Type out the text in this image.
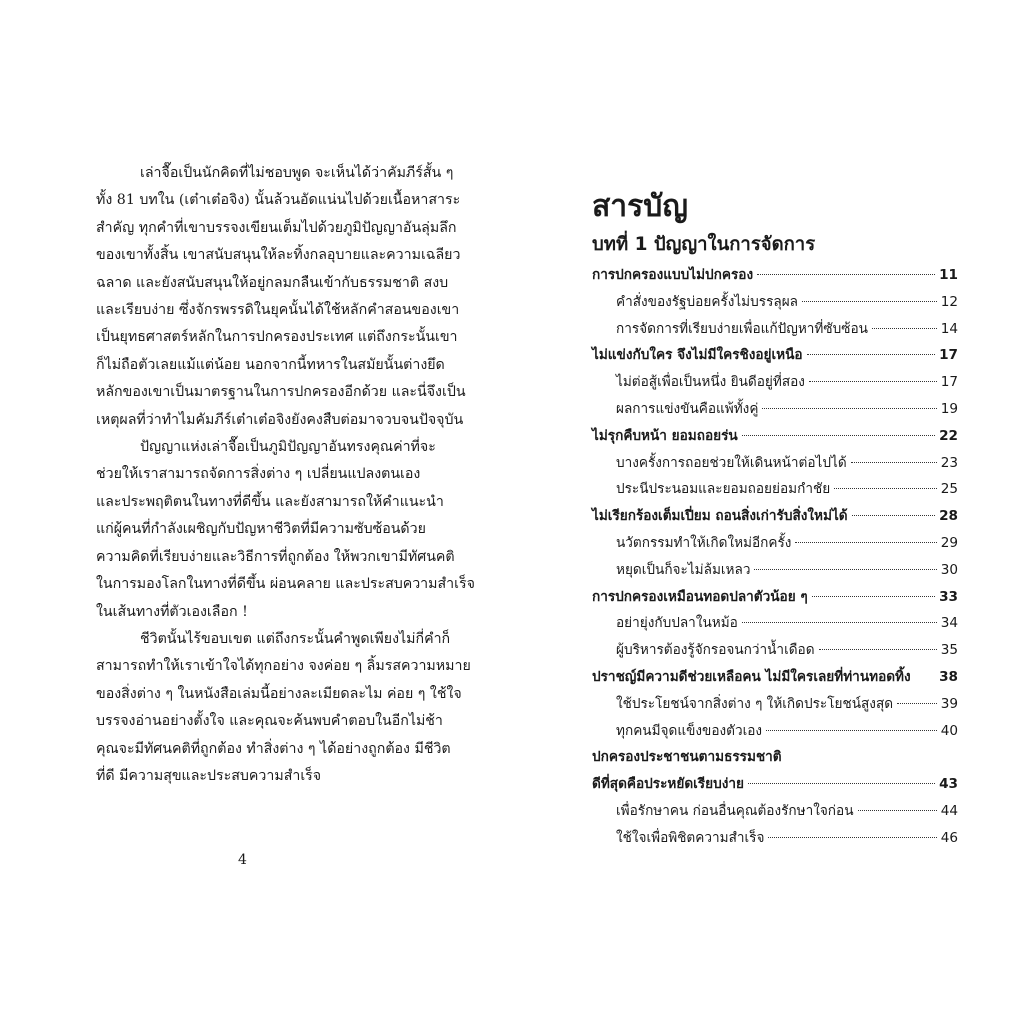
เล่าจื๊อเป็นนักคิดที่ไม่ชอบพูด จะเห็นได้ว่าคัมภีร์สั้น ๆ
ทั้ง 81 บทใน (เต๋าเต๋อจิง) นั้นล้วนอัดแน่นไปด้วยเนื้อหาสาระ
สำคัญ ทุกคำที่เขาบรรจงเขียนเต็มไปด้วยภูมิปัญญาอันลุ่มลึก
ของเขาทั้งสิ้น เขาสนับสนุนให้ละทิ้งกลอุบายและความเฉลียว
ฉลาด และยังสนับสนุนให้อยู่กลมกลืนเข้ากับธรรมชาติ สงบ
และเรียบง่าย ซึ่งจักรพรรดิในยุคนั้นได้ใช้หลักคำสอนของเขา
เป็นยุทธศาสตร์หลักในการปกครองประเทศ แต่ถึงกระนั้นเขา
ก็ไม่ถือตัวเลยแม้แต่น้อย นอกจากนี้ทหารในสมัยนั้นต่างยึด
หลักของเขาเป็นมาตรฐานในการปกครองอีกด้วย และนี่จึงเป็น
เหตุผลที่ว่าทำไมคัมภีร์เต๋าเต๋อจิงยังคงสืบต่อมาจวบจนปัจจุบัน
ปัญญาแห่งเล่าจื๊อเป็นภูมิปัญญาอันทรงคุณค่าที่จะ
ช่วยให้เราสามารถจัดการสิ่งต่าง ๆ เปลี่ยนแปลงตนเอง
และประพฤติตนในทางที่ดีขึ้น และยังสามารถให้คำแนะนำ
แก่ผู้คนที่กำลังเผชิญกับปัญหาชีวิตที่มีความซับซ้อนด้วย
ความคิดที่เรียบง่ายและวิธีการที่ถูกต้อง ให้พวกเขามีทัศนคติ
ในการมองโลกในทางที่ดีขึ้น ผ่อนคลาย และประสบความสำเร็จ
ในเส้นทางที่ตัวเองเลือก !
ชีวิตนั้นไร้ขอบเขต แต่ถึงกระนั้นคำพูดเพียงไม่กี่คำก็
สามารถทำให้เราเข้าใจได้ทุกอย่าง จงค่อย ๆ ลิ้มรสความหมาย
ของสิ่งต่าง ๆ ในหนังสือเล่มนี้อย่างละเมียดละไม ค่อย ๆ ใช้ใจ
บรรจงอ่านอย่างตั้งใจ และคุณจะค้นพบคำตอบในอีกไม่ช้า
คุณจะมีทัศนคติที่ถูกต้อง ทำสิ่งต่าง ๆ ได้อย่างถูกต้อง มีชีวิต
ที่ดี มีความสุขและประสบความสำเร็จ
4
สารบัญ
บทที่ 1 ปัญญาในการจัดการ
การปกครองแบบไม่ปกครอง	11
คำสั่งของรัฐบ่อยครั้งไม่บรรลุผล	12
การจัดการที่เรียบง่ายเพื่อแก้ปัญหาที่ซับซ้อน	14
ไม่แข่งกับใคร จึงไม่มีใครชิงอยู่เหนือ	17
ไม่ต่อสู้เพื่อเป็นหนึ่ง ยินดีอยู่ที่สอง	17
ผลการแข่งขันคือแพ้ทั้งคู่	19
ไม่รุกคืบหน้า ยอมถอยร่น	22
บางครั้งการถอยช่วยให้เดินหน้าต่อไปได้	23
ประนีประนอมและยอมถอยย่อมกำชัย	25
ไม่เรียกร้องเต็มเปี่ยม ถอนสิ่งเก่ารับสิ่งใหม่ได้	28
นวัตกรรมทำให้เกิดใหม่อีกครั้ง	29
หยุดเป็นก็จะไม่ล้มเหลว	30
การปกครองเหมือนทอดปลาตัวน้อย ๆ	33
อย่ายุ่งกับปลาในหม้อ	34
ผู้บริหารต้องรู้จักรอจนกว่าน้ำเดือด	35
ปราชญ์มีความดีช่วยเหลือคน ไม่มีใครเลยที่ท่านทอดทิ้ง 38
ใช้ประโยชน์จากสิ่งต่าง ๆ ให้เกิดประโยชน์สูงสุด	39
ทุกคนมีจุดแข็งของตัวเอง	40
ปกครองประชาชนตามธรรมชาติ
ดีที่สุดคือประหยัดเรียบง่าย	43
เพื่อรักษาคน ก่อนอื่นคุณต้องรักษาใจก่อน	44
ใช้ใจเพื่อพิชิตความสำเร็จ	46
